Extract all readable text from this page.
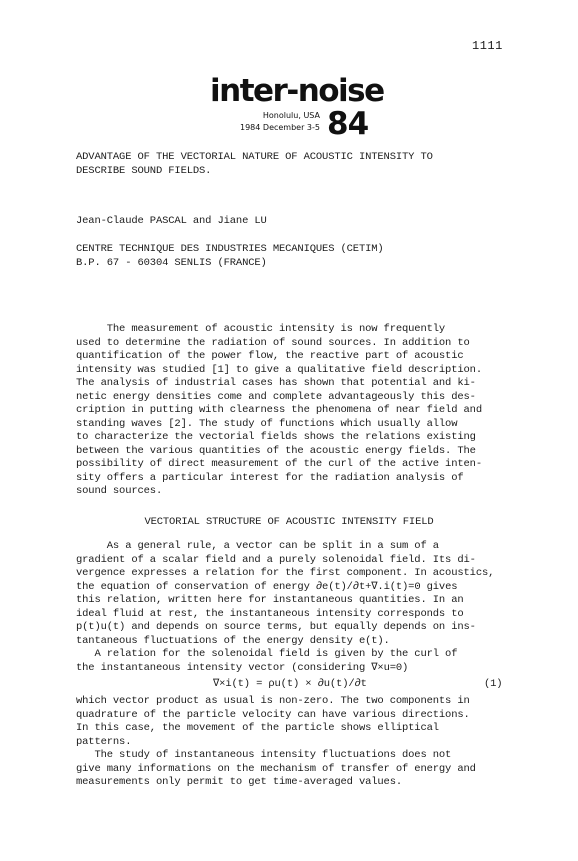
1111
inter-noise
Honolulu, USA
1984 December 3-5 84
ADVANTAGE OF THE VECTORIAL NATURE OF ACOUSTIC INTENSITY TO
DESCRIBE SOUND FIELDS.
Jean-Claude PASCAL and Jiane LU
CENTRE TECHNIQUE DES INDUSTRIES MECANIQUES (CETIM)
B.P. 67 - 60304 SENLIS (FRANCE)
The measurement of acoustic intensity is now frequently
used to determine the radiation of sound sources. In addition to
quantification of the power flow, the reactive part of acoustic
intensity was studied [1] to give a qualitative field description.
The analysis of industrial cases has shown that potential and ki-
netic energy densities come and complete advantageously this des-
cription in putting with clearness the phenomena of near field and
standing waves [2]. The study of functions which usually allow
to characterize the vectorial fields shows the relations existing
between the various quantities of the acoustic energy fields. The
possibility of direct measurement of the curl of the active inten-
sity offers a particular interest for the radiation analysis of
sound sources.
VECTORIAL STRUCTURE OF ACOUSTIC INTENSITY FIELD
As a general rule, a vector can be split in a sum of a
gradient of a scalar field and a purely solenoidal field. Its di-
vergence expresses a relation for the first component. In acoustics,
the equation of conservation of energy ∂e(t)/∂t+∇.i(t)=0 gives
this relation, written here for instantaneous quantities. In an
ideal fluid at rest, the instantaneous intensity corresponds to
p(t)u(t) and depends on source terms, but equally depends on ins-
tantaneous fluctuations of the energy density e(t).
A relation for the solenoidal field is given by the curl of
the instantaneous intensity vector (considering ∇×u=0)
∇×i(t) = ρu(t) × ∂u(t)/∂t	(1)
which vector product as usual is non-zero. The two components in
quadrature of the particle velocity can have various directions.
In this case, the movement of the particle shows elliptical
patterns.
The study of instantaneous intensity fluctuations does not
give many informations on the mechanism of transfer of energy and
measurements only permit to get time-averaged values.
